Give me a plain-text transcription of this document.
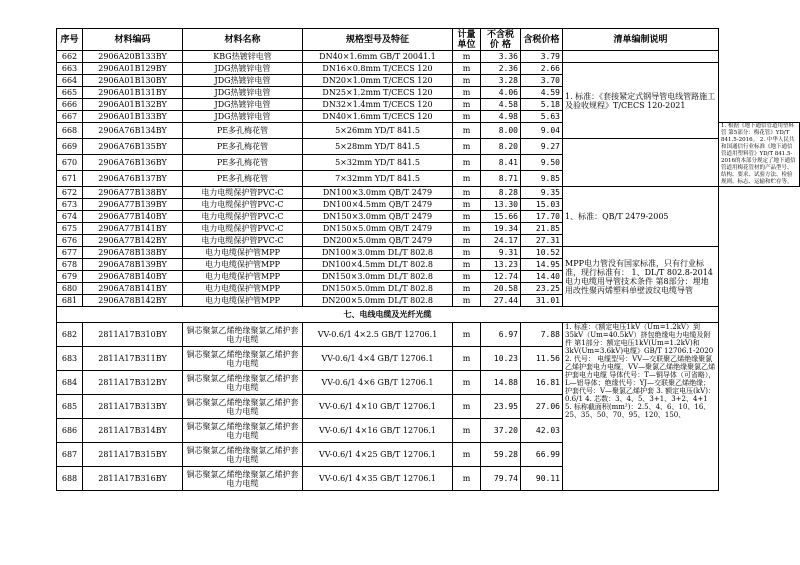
序号	材料编码	材料名称	规格型号及特征	计量单位	不含税价 格	含税价格	清单编制说明	
662	2906A20B133BY	KBG热镀锌电管	DN40×1.6mm GB/T 20041.1	m	3.36	3.79		
663	2906A01B129BY	JDG热镀锌电管	DN16×0.8mm T/CECS 120	m	2.36	2.66	1. 标准：《套接紧定式钢导管电线管路施工及验收规程》T/CECS 120-2021	
664	2906A01B130BY	JDG热镀锌电管	DN20×1.0mm T/CECS 120	m	3.28	3.70		
665	2906A01B131BY	JDG热镀锌电管	DN25×1.2mm T/CECS 120	m	4.06	4.59		
666	2906A01B132BY	JDG热镀锌电管	DN32×1.4mm T/CECS 120	m	4.58	5.18		
667	2906A01B133BY	JDG热镀锌电管	DN40×1.6mm T/CECS 120	m	4.98	5.63		
668	2906A76B134BY	PE多孔梅花管	5×26mm YD/T 841.5	m	8.00	9.04		1. 根据《地下通信管道用塑料管 第5部分：梅花管》YD/T 841.5-2016。 2. 中华人民共和国通信行业标准《地下通信管道用塑料管》YD/T 841.5-2016的本部分规定了地下通信管道用梅花管材的产品型号、结构、要求、试验方法、检验规则、标志、运输和贮存等。
669	2906A76B135BY	PE多孔梅花管	5×28mm YD/T 841.5	m	8.20	9.27		
670	2906A76B136BY	PE多孔梅花管	5×32mm YD/T 841.5	m	8.41	9.50		
671	2906A76B137BY	PE多孔梅花管	7×32mm YD/T 841.5	m	8.71	9.85		
672	2906A77B138BY	电力电缆保护管PVC-C	DN100×3.0mm QB/T 2479	m	8.28	9.35	1、标准：QB/T 2479-2005	
673	2906A77B139BY	电力电缆保护管PVC-C	DN100×4.5mm QB/T 2479	m	13.30	15.03		
674	2906A77B140BY	电力电缆保护管PVC-C	DN150×3.0mm QB/T 2479	m	15.66	17.70		
675	2906A77B141BY	电力电缆保护管PVC-C	DN150×5.0mm QB/T 2479	m	19.34	21.85		
676	2906A77B142BY	电力电缆保护管PVC-C	DN200×5.0mm QB/T 2479	m	24.17	27.31		
677	2906A78B138BY	电力电缆保护管MPP	DN100×3.0mm DL/T 802.8	m	9.31	10.52	MPP电力管没有国家标准，只有行业标准，现行标准有： 1、DL/T 802.8-2014 电力电缆用导管技术条件 第8部分：埋地用改性聚丙烯塑料单壁波纹电缆导管	
678	2906A78B139BY	电力电缆保护管MPP	DN100×4.5mm DL/T 802.8	m	13.23	14.95		
679	2906A78B140BY	电力电缆保护管MPP	DN150×3.0mm DL/T 802.8	m	12.74	14.40		
680	2906A78B141BY	电力电缆保护管MPP	DN150×5.0mm DL/T 802.8	m	20.58	23.25		
681	2906A78B142BY	电力电缆保护管MPP	DN200×5.0mm DL/T 802.8	m	27.44	31.01		
七、电线电缆及光纤光缆								
682	2811A17B310BY	铜芯聚氯乙烯绝缘聚氯乙烯护套电力电缆	VV-0.6/1 4×2.5 GB/T 12706.1	m	6.97	7.88	1. 标准：《额定电压1kV（Um=1.2kV）到35kV（Um=40.5kV）挤包绝缘电力电缆及附件 第1部分：额定电压1kV(Um=1.2kV)和3kV(Um=3.6kV)电缆》GB/T 12706.1-2020 2. 代号： 电缆型号：VV—交联聚乙烯绝缘聚氯乙烯护套电力电缆，VV—聚氯乙烯绝缘聚氯乙烯护套电力电缆 导体代号：T—铜导体（可省略），L—铝导体；绝缘代号：YJ—交联聚乙烯绝缘； 护套代号：V—聚氯乙烯护套 3. 额定电压(kV)：0.6/1 4. 芯数：3、4、5、3+1、3+2、4+1 5. 标称截面积(mm²)：2.5、4、6、10、16、25、35、50、70、95、120、150、	
683	2811A17B311BY	铜芯聚氯乙烯绝缘聚氯乙烯护套电力电缆	VV-0.6/1 4×4 GB/T 12706.1	m	10.23	11.56		
684	2811A17B312BY	铜芯聚氯乙烯绝缘聚氯乙烯护套电力电缆	VV-0.6/1 4×6 GB/T 12706.1	m	14.88	16.81		
685	2811A17B313BY	铜芯聚氯乙烯绝缘聚氯乙烯护套电力电缆	VV-0.6/1 4×10 GB/T 12706.1	m	23.95	27.06		
686	2811A17B314BY	铜芯聚氯乙烯绝缘聚氯乙烯护套电力电缆	VV-0.6/1 4×16 GB/T 12706.1	m	37.20	42.03		
687	2811A17B315BY	铜芯聚氯乙烯绝缘聚氯乙烯护套电力电缆	VV-0.6/1 4×25 GB/T 12706.1	m	59.28	66.99		
688	2811A17B316BY	铜芯聚氯乙烯绝缘聚氯乙烯护套电力电缆	VV-0.6/1 4×35 GB/T 12706.1	m	79.74	90.11		
